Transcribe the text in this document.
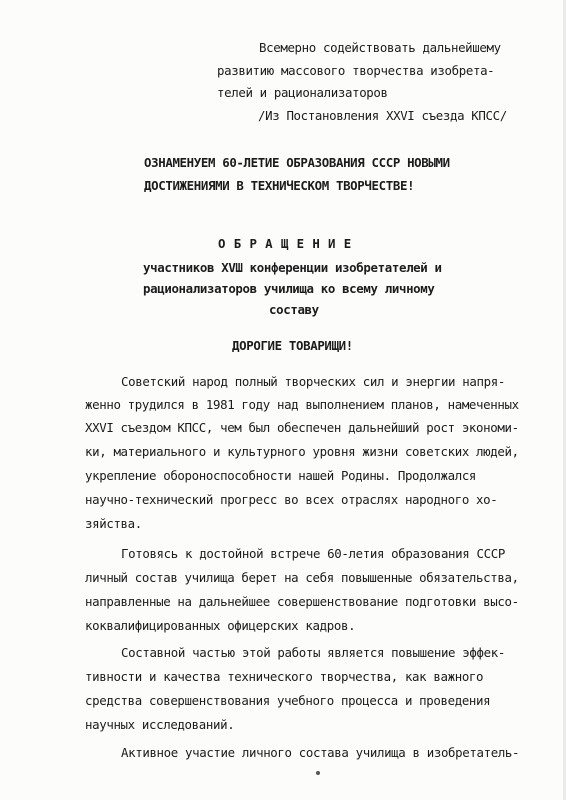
Всемерно содействовать дальнейшему
развитию массового творчества изобрета-
телей и рационализаторов
/Из Постановления XXVI съезда КПСС/
ОЗНАМЕНУЕМ 60-ЛЕТИЕ ОБРАЗОВАНИЯ СССР НОВЫМИ
ДОСТИЖЕНИЯМИ В ТЕХНИЧЕСКОМ ТВОРЧЕСТВЕ!
О Б Р А Щ Е Н И Е
участников XVШ конференции изобретателей и
рационализаторов училища ко всему личному
составу
ДОРОГИЕ ТОВАРИЩИ!
Советский народ полный творческих сил и энергии напря-
женно трудился в 1981 году над выполнением планов, намеченных
XXVI съездом КПСС, чем был обеспечен дальнейший рост экономи-
ки, материального и культурного уровня жизни советских людей,
укрепление обороноспособности нашей Родины. Продолжался
научно-технический прогресс во всех отраслях народного хо-
зяйства.
Готовясь к достойной встрече 60-летия образования СССР
личный состав училища берет на себя повышенные обязательства,
направленные на дальнейшее совершенствование подготовки высо-
коквалифицированных офицерских кадров.
Составной частью этой работы является повышение эффек-
тивности и качества технического творчества, как важного
средства совершенствования учебного процесса и проведения
научных исследований.
Активное участие личного состава училища в изобретатель-
